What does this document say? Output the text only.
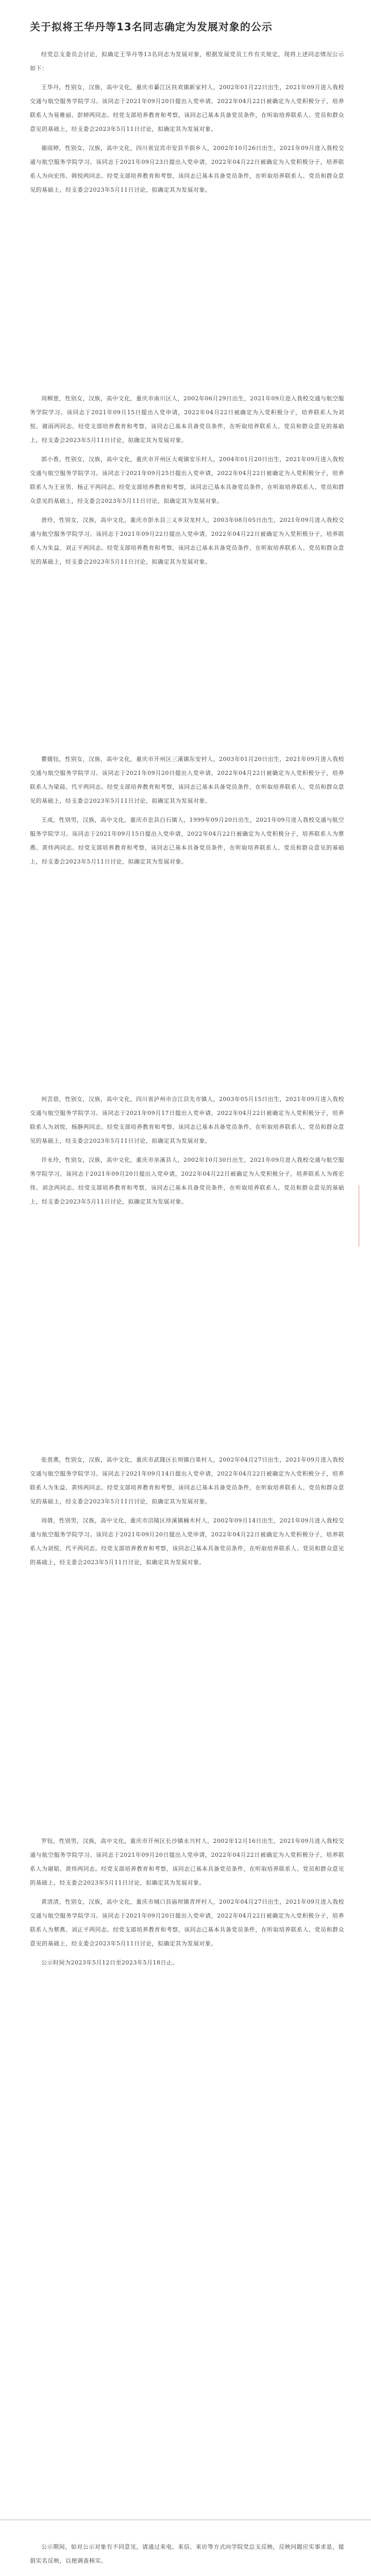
关于拟将王华丹等13名同志确定为发展对象的公示

经党总支委员会讨论，拟确定王华丹等13名同志为发展对象，根据发展党员工作有关规定，现将上述同志情况公示如下：

王华丹，性别女，汉族，高中文化，重庆市綦江区扶欢镇新家村人，2002年01月22日出生，2021年09月进入我校交通与航空服务学院学习。该同志于2021年09月20日提出入党申请，2022年04月22日被确定为入党积极分子，培养联系人为易雅丽、彭婷两同志。经党支部培养教育和考察，该同志已基本具备党员条件，在听取培养联系人、党员和群众意见的基础上，经支委会2023年5月11日讨论，拟确定其为发展对象。

谢雨婷，性别女，汉族，高中文化，四川省宜宾市安县羊街乡人，2002年10月26日出生，2021年09月进入我校交通与航空服务学院学习。该同志于2021年09月23日提出入党申请，2022年04月22日被确定为入党积极分子，培养联系人为向宏伟、韩悦两同志。经党支部培养教育和考察，该同志已基本具备党员条件，在听取培养联系人、党员和群众意见的基础上，经支委会2023年5月11日讨论，拟确定其为发展对象。

周柳萱，性别女，汉族，高中文化，重庆市南川区人，2002年06月29日出生，2021年09月进入我校交通与航空服务学院学习。该同志于2021年09月15日提出入党申请，2022年04月22日被确定为入党积极分子，培养联系人为刘悦、谢雨两同志。经党支部培养教育和考察，该同志已基本具备党员条件，在听取培养联系人、党员和群众意见的基础上，经支委会2023年5月11日讨论，拟确定其为发展对象。

郭小香，性别女，汉族，高中文化，重庆市开州区大观镇安乐村人，2004年01月20日出生，2021年09月进入我校交通与航空服务学院学习。该同志于2021年09月25日提出入党申请，2022年04月22日被确定为入党积极分子，培养联系人为王亚男、杨正平两同志。经党支部培养教育和考察，该同志已基本具备党员条件，在听取培养联系人、党员和群众意见的基础上，经支委会2023年5月11日讨论，拟确定其为发展对象。

唐玲，性别女，汉族，高中文化，重庆市彭水县三义乡双龙村人，2003年08月05日出生，2021年09月进入我校交通与航空服务学院学习。该同志于2021年09月22日提出入党申请，2022年04月22日被确定为入党积极分子，培养联系人为朱益、刘正平两同志。经党支部培养教育和考察，该同志已基本具备党员条件，在听取培养联系人、党员和群众意见的基础上，经支委会2023年5月11日讨论，拟确定其为发展对象。

瞿媛钰，性别女，汉族，高中文化，重庆市开州区三溪镇东安村人，2003年01月20日出生，2021年09月进入我校交通与航空服务学院学习。该同志于2021年09月20日提出入党申请，2022年04月22日被确定为入党积极分子，培养联系人为梁晨、代平两同志。经党支部培养教育和考察，该同志已基本具备党员条件，在听取培养联系人、党员和群众意见的基础上，经支委会2023年5月11日讨论，拟确定其为发展对象。

王成，性别男，汉族，高中文化，重庆市忠县白石镇人，1999年09月20日出生，2021年09月进入我校交通与航空服务学院学习。该同志于2021年09月15日提出入党申请，2022年04月22日被确定为入党积极分子，培养联系人为蔡燕、黄炜两同志。经党支部培养教育和考察，该同志已基本具备党员条件，在听取培养联系人、党员和群众意见的基础上，经支委会2023年5月11日讨论，拟确定其为发展对象。

何芸蓓，性别女，汉族，高中文化，四川省泸州市合江县先市镇人，2003年05月15日出生，2021年09月进入我校交通与航空服务学院学习。该同志于2021年09月17日提出入党申请，2022年04月22日被确定为入党积极分子，培养联系人为刘悦、杨静两同志。经党支部培养教育和考察，该同志已基本具备党员条件，在听取培养联系人、党员和群众意见的基础上，经支委会2023年5月11日讨论，拟确定其为发展对象。

许永玲，性别女，汉族，高中文化，重庆市巫溪县人，2002年10月30日出生，2021年09月进入我校交通与航空服务学院学习。该同志于2021年09月20日提出入党申请，2022年04月22日被确定为入党积极分子，培养联系人为蒋宏伟、刘念两同志。经党支部培养教育和考察，该同志已基本具备党员条件，在听取培养联系人、党员和群众意见的基础上，经支委会2023年5月11日讨论，拟确定其为发展对象。

张贵燕，性别女，汉族，高中文化，重庆市武隆区长坝镇白果村人，2002年04月27日出生，2021年09月进入我校交通与航空服务学院学习。该同志于2021年09月14日提出入党申请，2022年04月22日被确定为入党积极分子，培养联系人为朱益、黄炜两同志。经党支部培养教育和考察，该同志已基本具备党员条件，在听取培养联系人、党员和群众意见的基础上，经支委会2023年5月11日讨论，拟确定其为发展对象。

周倩，性别男，汉族，高中文化，重庆市涪陵区珍溪镇楠木村人，2002年09月14日出生，2021年09月进入我校交通与航空服务学院学习。该同志于2021年09月20日提出入党申请，2022年04月22日被确定为入党积极分子，培养联系人为刘悦、代平两同志。经党支部培养教育和考察，该同志已基本具备党员条件，在听取培养联系人、党员和群众意见的基础上，经支委会2023年5月11日讨论，拟确定其为发展对象。

罗钰，性别男，汉族，高中文化，重庆市开州区长沙镇永兴村人，2002年12月16日出生，2021年09月进入我校交通与航空服务学院学习。该同志于2021年09月20日提出入党申请，2022年04月22日被确定为入党积极分子，培养联系人为谢韬、黄炜两同志。经党支部培养教育和考察，该同志已基本具备党员条件，在听取培养联系人、党员和群众意见的基础上，经支委会2023年5月11日讨论，拟确定其为发展对象。

黄清清，性别女，汉族，高中文化，重庆市城口县庙坝镇青坪村人，2002年04月27日出生，2021年09月进入我校交通与航空服务学院学习。该同志于2021年09月20日提出入党申请，2022年04月22日被确定为入党积极分子，培养联系人为蔡燕、刘正平两同志。经党支部培养教育和考察，该同志已基本具备党员条件，在听取培养联系人、党员和群众意见的基础上，经支委会2023年5月11日讨论，拟确定其为发展对象。

公示时间为2023年5月12日至2023年5月18日止。

公示期间，如对公示对象有不同意见，请通过来电、来信、来访等方式向学院党总支反映，反映问题应实事求是，提倡实名反映，以便调查核实。
